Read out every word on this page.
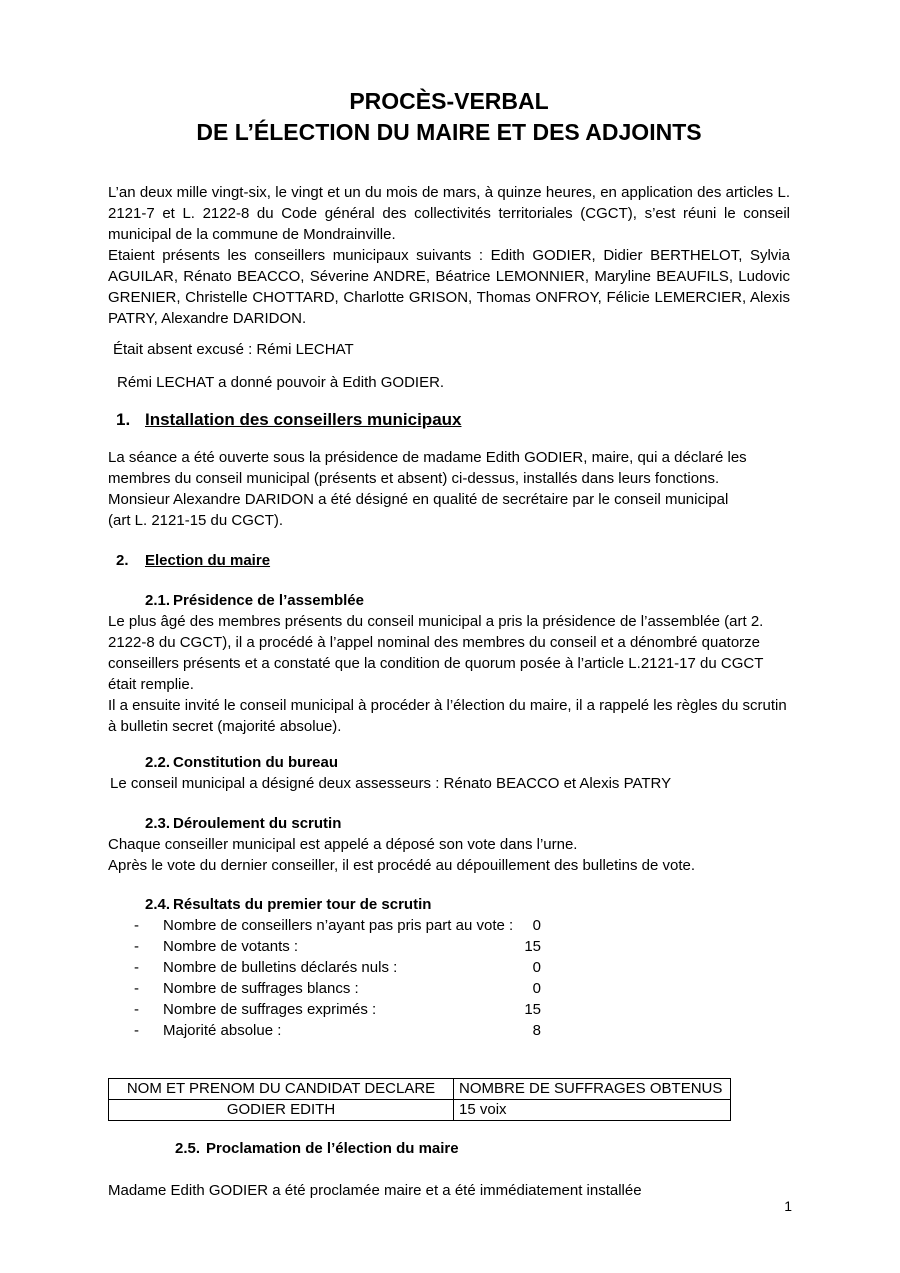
PROCÈS-VERBAL
DE L’ÉLECTION DU MAIRE ET DES ADJOINTS

L’an deux mille vingt-six, le vingt et un du mois de mars, à quinze heures, en application des articles L. 2121-7 et L. 2122-8 du Code général des collectivités territoriales (CGCT), s’est réuni le conseil municipal de la commune de Mondrainville.

Etaient présents les conseillers municipaux suivants : Edith GODIER, Didier BERTHELOT, Sylvia AGUILAR, Rénato BEACCO, Séverine ANDRE, Béatrice LEMONNIER, Maryline BEAUFILS, Ludovic GRENIER, Christelle CHOTTARD, Charlotte GRISON, Thomas ONFROY, Félicie LEMERCIER, Alexis PATRY, Alexandre DARIDON.

Était absent excusé : Rémi LECHAT

Rémi LECHAT a donné pouvoir à Edith GODIER.

1. Installation des conseillers municipaux

La séance a été ouverte sous la présidence de madame Edith GODIER, maire, qui a déclaré les membres du conseil municipal (présents et absent) ci-dessus, installés dans leurs fonctions.

Monsieur Alexandre DARIDON a été désigné en qualité de secrétaire par le conseil municipal

(art L. 2121-15 du CGCT).

2. Election du maire
2.1. Présidence de l’assemblée

Le plus âgé des membres présents du conseil municipal a pris la présidence de l’assemblée (art 2. 2122-8 du CGCT), il a procédé à l’appel nominal des membres du conseil et a dénombré quatorze conseillers présents et a constaté que la condition de quorum posée à l’article L.2121-17 du CGCT était remplie.

Il a ensuite invité le conseil municipal à procéder à l’élection du maire, il a rappelé les règles du scrutin à bulletin secret (majorité absolue).

2.2. Constitution du bureau

Le conseil municipal a désigné deux assesseurs : Rénato BEACCO et Alexis PATRY

2.3. Déroulement du scrutin

Chaque conseiller municipal est appelé a déposé son vote dans l’urne.

Après le vote du dernier conseiller, il est procédé au dépouillement des bulletins de vote.

2.4. Résultats du premier tour de scrutin
-	Nombre de conseillers n’ayant pas pris part au vote :	0
-	Nombre de votants :	15
-	Nombre de bulletins déclarés nuls :	0
-	Nombre de suffrages blancs :	0
-	Nombre de suffrages exprimés :	15
-	Majorité absolue :	8
NOM ET PRENOM DU CANDIDAT DECLARE	NOMBRE DE SUFFRAGES OBTENUS
GODIER EDITH	15 voix
2.5. Proclamation de l’élection du maire

Madame Edith GODIER a été proclamée maire et a été immédiatement installée

1
